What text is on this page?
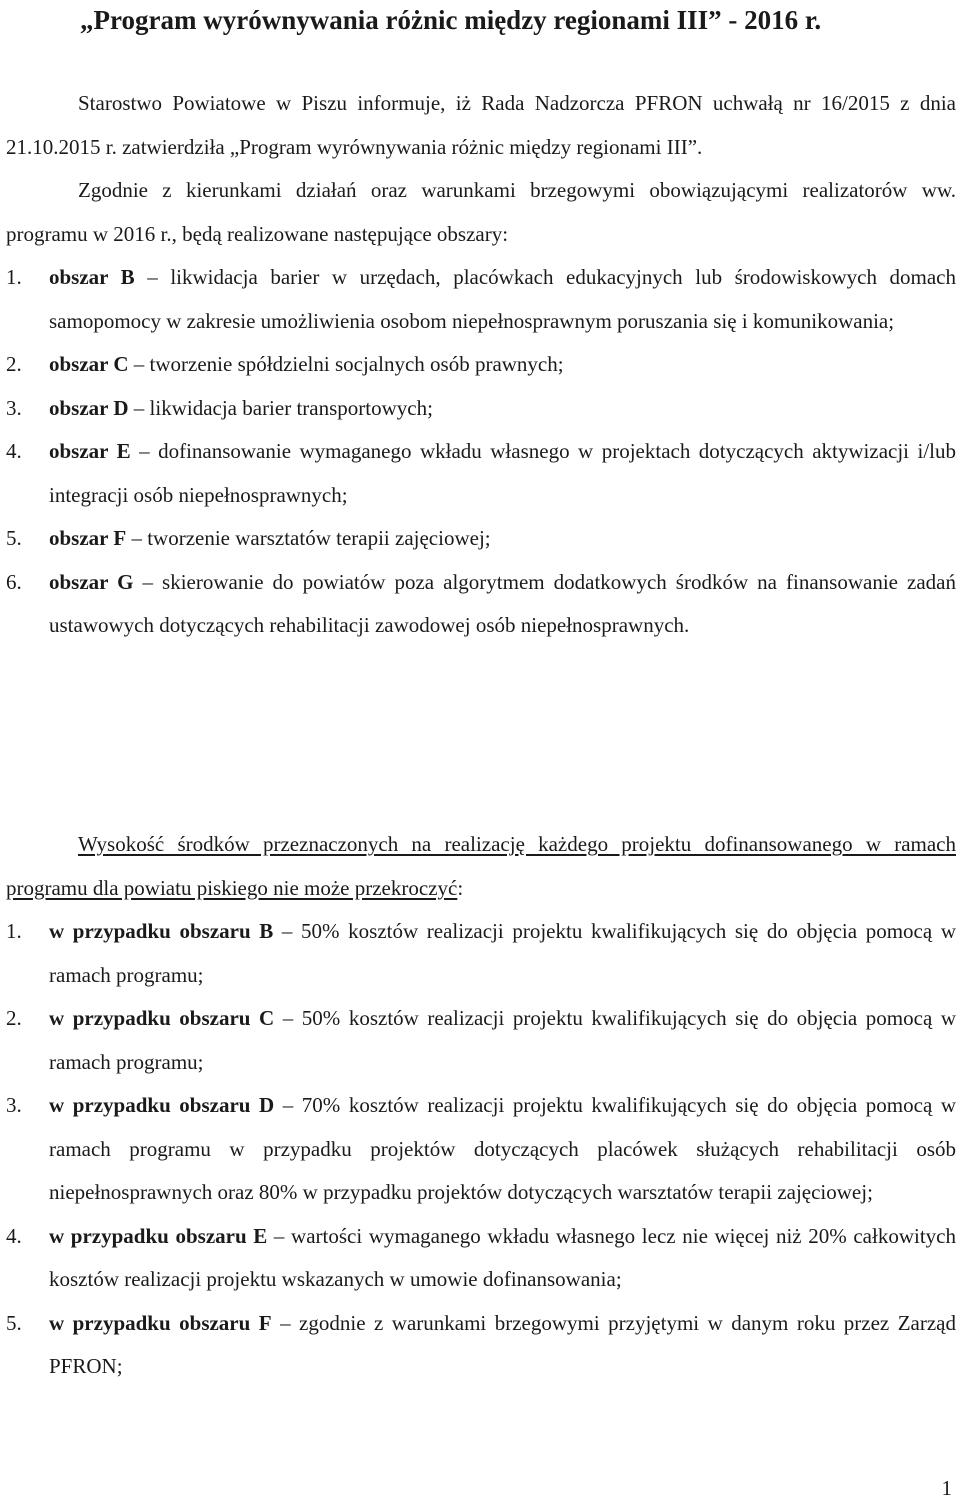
„Program wyrównywania różnic między regionami III” - 2016 r.

Starostwo Powiatowe w Piszu informuje, iż Rada Nadzorcza PFRON uchwałą nr 16/2015 z dnia 21.10.2015 r. zatwierdziła „Program wyrównywania różnic między regionami III”.

Zgodnie z kierunkami działań oraz warunkami brzegowymi obowiązującymi realizatorów ww. programu w 2016 r., będą realizowane następujące obszary:

1. obszar B – likwidacja barier w urzędach, placówkach edukacyjnych lub środowiskowych domach samopomocy w zakresie umożliwienia osobom niepełnosprawnym poruszania się i komunikowania;
2. obszar C – tworzenie spółdzielni socjalnych osób prawnych;
3. obszar D – likwidacja barier transportowych;
4. obszar E – dofinansowanie wymaganego wkładu własnego w projektach dotyczących aktywizacji i/lub integracji osób niepełnosprawnych;
5. obszar F – tworzenie warsztatów terapii zajęciowej;
6. obszar G – skierowanie do powiatów poza algorytmem dodatkowych środków na finansowanie zadań ustawowych dotyczących rehabilitacji zawodowej osób niepełnosprawnych.

Wysokość środków przeznaczonych na realizację każdego projektu dofinansowanego w ramach programu dla powiatu piskiego nie może przekroczyć:

1. w przypadku obszaru B – 50% kosztów realizacji projektu kwalifikujących się do objęcia pomocą w ramach programu;
2. w przypadku obszaru C – 50% kosztów realizacji projektu kwalifikujących się do objęcia pomocą w ramach programu;
3. w przypadku obszaru D – 70% kosztów realizacji projektu kwalifikujących się do objęcia pomocą w ramach programu w przypadku projektów dotyczących placówek służących rehabilitacji osób niepełnosprawnych oraz 80% w przypadku projektów dotyczących warsztatów terapii zajęciowej;
4. w przypadku obszaru E – wartości wymaganego wkładu własnego lecz nie więcej niż 20% całkowitych kosztów realizacji projektu wskazanych w umowie dofinansowania;
5. w przypadku obszaru F – zgodnie z warunkami brzegowymi przyjętymi w danym roku przez Zarząd PFRON;
1
